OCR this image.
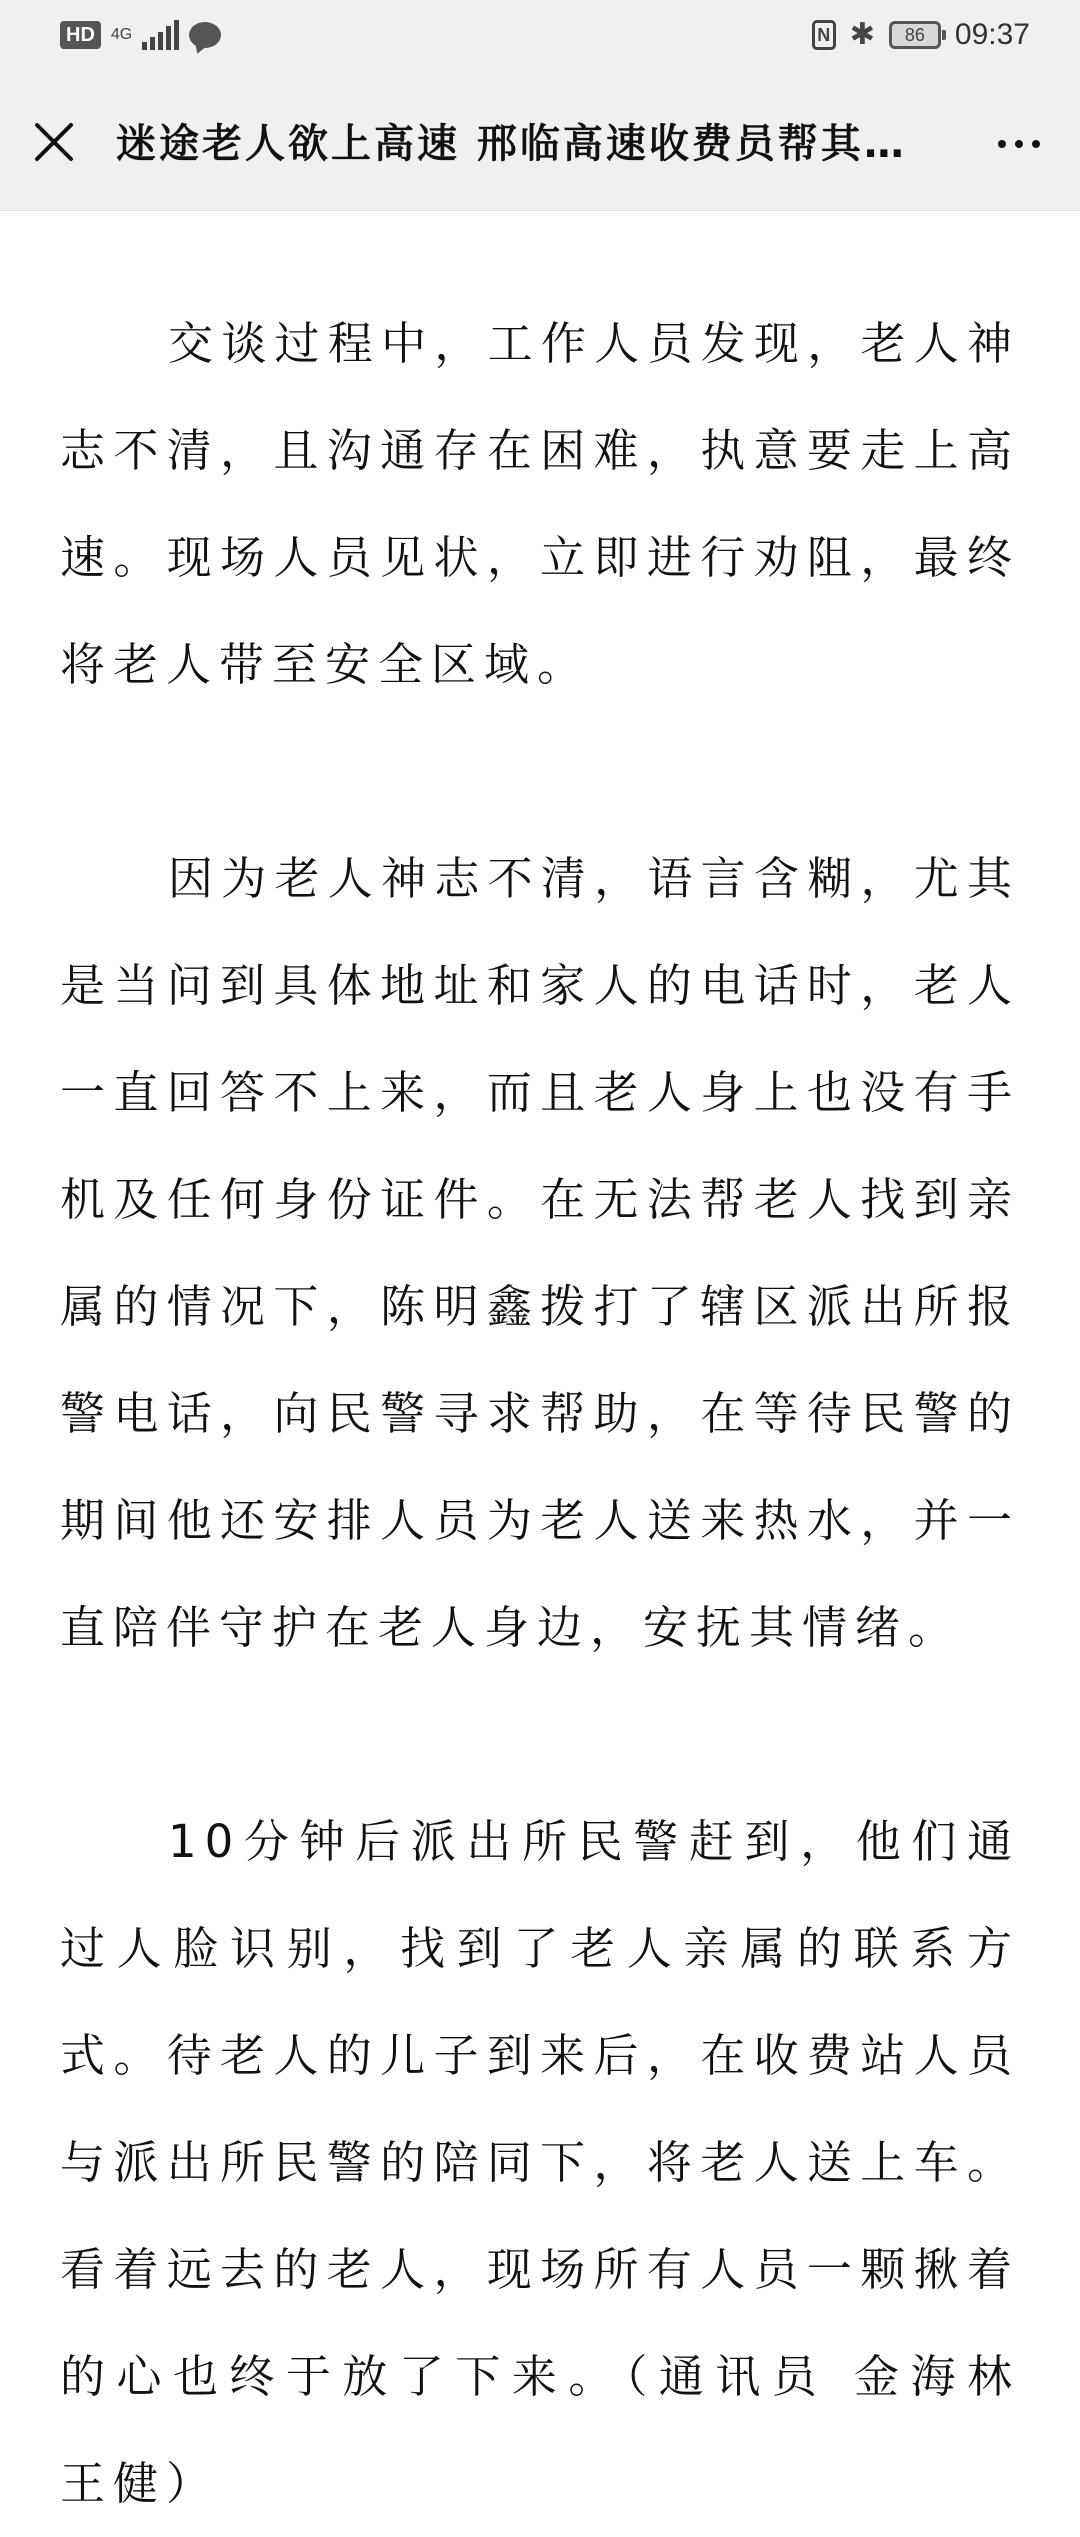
HD	4G	N ✱	86 09:37
迷途老人欲上高速 邢临高速收费员帮其…

交谈过程中，工作人员发现，老人神志不清，且沟通存在困难，执意要走上高速。现场人员见状，立即进行劝阻，最终将老人带至安全区域。

因为老人神志不清，语言含糊，尤其是当问到具体地址和家人的电话时，老人一直回答不上来，而且老人身上也没有手机及任何身份证件。在无法帮老人找到亲属的情况下，陈明鑫拨打了辖区派出所报警电话，向民警寻求帮助，在等待民警的期间他还安排人员为老人送来热水，并一直陪伴守护在老人身边，安抚其情绪。

10分钟后派出所民警赶到，他们通过人脸识别，找到了老人亲属的联系方式。待老人的儿子到来后，在收费站人员与派出所民警的陪同下，将老人送上车。看着远去的老人，现场所有人员一颗揪着的心也终于放了下来。（通讯员 金海林 王健）
